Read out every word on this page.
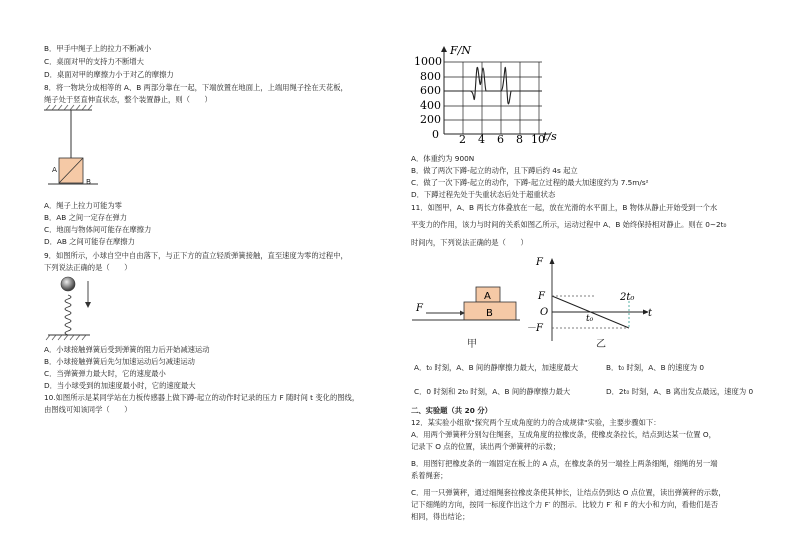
B．甲手中绳子上的拉力不断减小
C．桌面对甲的支持力不断增大
D．桌面对甲的摩擦力小于对乙的摩擦力
8．将一物块分成相等的 A、B 两部分靠在一起，下端放置在地面上，上端用绳子拴在天花板，
绳子处于竖直伸直状态，整个装置静止，则（　　）
A
B
A．绳子上拉力可能为零
B．AB 之间一定存在弹力
C．地面与物体间可能存在摩擦力
D．AB 之间可能存在摩擦力
9．如图所示，小球自空中自由落下，与正下方的直立轻质弹簧接触，直至速度为零的过程中，
下列说法正确的是（　　）
A．小球接触弹簧后受到弹簧的阻力后开始减速运动
B．小球接触弹簧后先匀加速运动后匀减速运动
C．当弹簧弹力最大时，它的速度最小
D．当小球受到的加速度最小时，它的速度最大
10.如图所示是某同学站在力板传感器上做下蹲-起立的动作时记录的压力 F 随时间 t 变化的图线，
由图线可知该同学（　　）
1000
800
600
400
200
0 2 4 6 8 10
F/N
t/s
A．体重约为 900N
B．做了两次下蹲-起立的动作，且下蹲后约 4s 起立
C．做了一次下蹲-起立的动作，下蹲-起立过程的最大加速度约为 7.5m/s²
D．下蹲过程先处于失重状态后处于超重状态
11．如图甲，A、B 两长方体叠放在一起，放在光滑的水平面上，B 物体从静止开始受到一个水
平变力的作用，该力与时间的关系如图乙所示，运动过程中 A、B 始终保持相对静止。则在 0~2t₀
时间内，下列说法正确的是（　　）
A
B
F
甲
F
F
O
－F
t₀
2t₀
t
乙
A．t₀ 时刻，A、B 间的静摩擦力最大，加速度最大	B．t₀ 时刻，A、B 的速度为 0
C．0 时刻和 2t₀ 时刻，A、B 间的静摩擦力最大	D．2t₀ 时刻，A、B 离出发点最远，速度为 0
二、实验题（共 20 分）
12．某实验小组欲"探究两个互成角度的力的合成规律"实验，主要步骤如下：
A．用两个弹簧秤分别勾住绳套，互成角度的拉橡皮条，使橡皮条拉长，结点到达某一位置 O，
记录下 O 点的位置，读出两个弹簧秤的示数；
B．用图钉把橡皮条的一端固定在板上的 A 点，在橡皮条的另一端拴上两条细绳，细绳的另一端
系着绳套；
C．用一只弹簧秤，通过细绳套拉橡皮条使其伸长，让结点仍到达 O 点位置，读出弹簧秤的示数，
记下细绳的方向，按同一标度作出这个力 F′ 的图示．比较力 F′ 和 F 的大小和方向，看他们是否
相同，得出结论；
